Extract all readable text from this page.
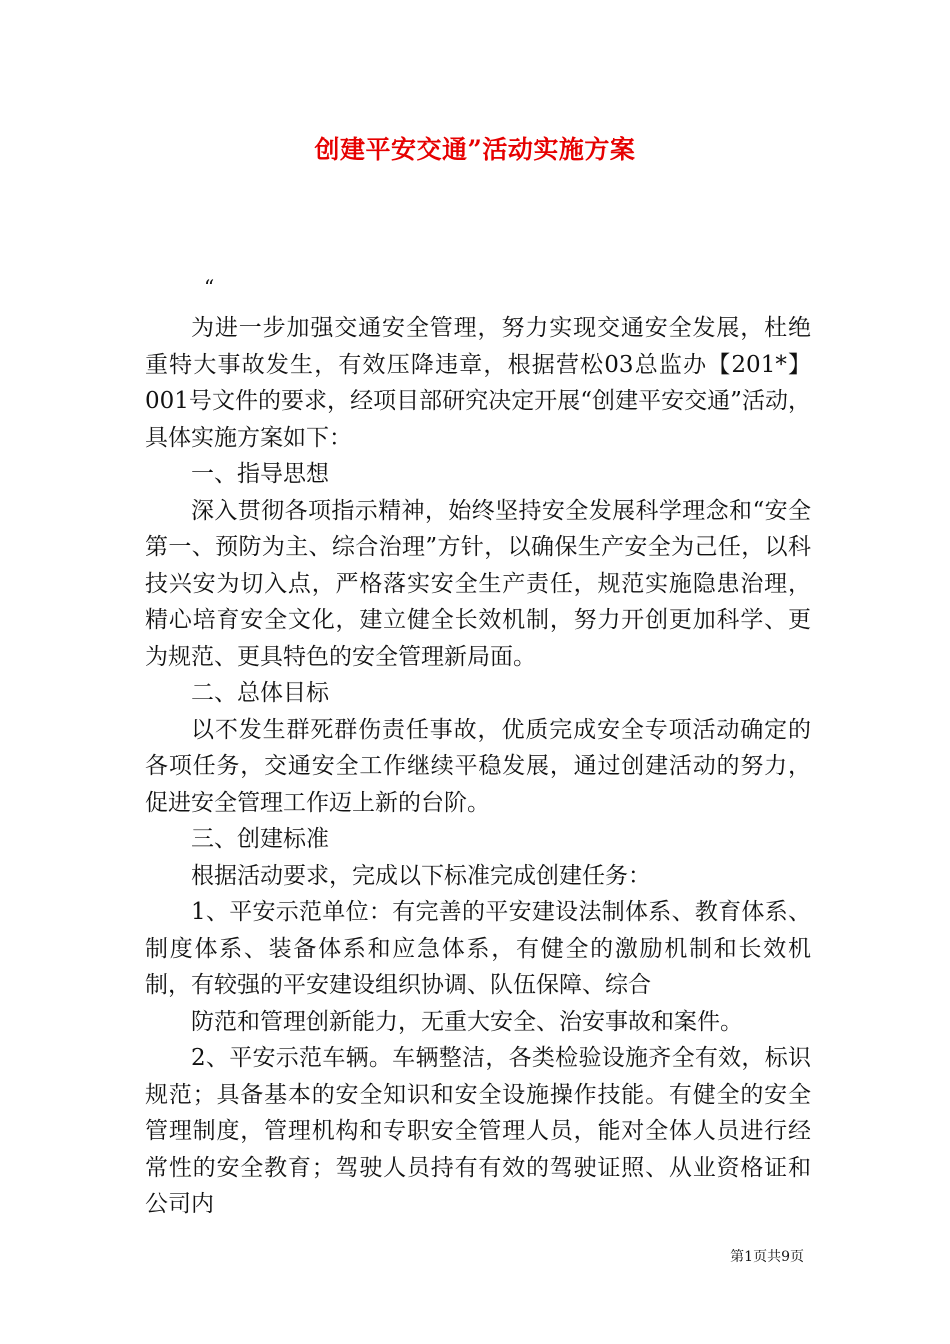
创建平安交通”活动实施方案
“

为进一步加强交通安全管理，努力实现交通安全发展，杜绝重特大事故发生，有效压降违章，根据营松03总监办【201*】001号文件的要求，经项目部研究决定开展“创建平安交通”活动，具体实施方案如下：

一、指导思想

深入贯彻各项指示精神，始终坚持安全发展科学理念和“安全第一、预防为主、综合治理”方针，以确保生产安全为己任，以科技兴安为切入点，严格落实安全生产责任，规范实施隐患治理，精心培育安全文化，建立健全长效机制，努力开创更加科学、更为规范、更具特色的安全管理新局面。

二、总体目标

以不发生群死群伤责任事故，优质完成安全专项活动确定的各项任务，交通安全工作继续平稳发展，通过创建活动的努力，促进安全管理工作迈上新的台阶。

三、创建标准

根据活动要求，完成以下标准完成创建任务：

1、平安示范单位：有完善的平安建设法制体系、教育体系、制度体系、装备体系和应急体系，有健全的激励机制和长效机制，有较强的平安建设组织协调、队伍保障、综合

防范和管理创新能力，无重大安全、治安事故和案件。

2、平安示范车辆。车辆整洁，各类检验设施齐全有效，标识规范；具备基本的安全知识和安全设施操作技能。有健全的安全管理制度，管理机构和专职安全管理人员，能对全体人员进行经常性的安全教育；驾驶人员持有有效的驾驶证照、从业资格证和公司内

第1页共9页
